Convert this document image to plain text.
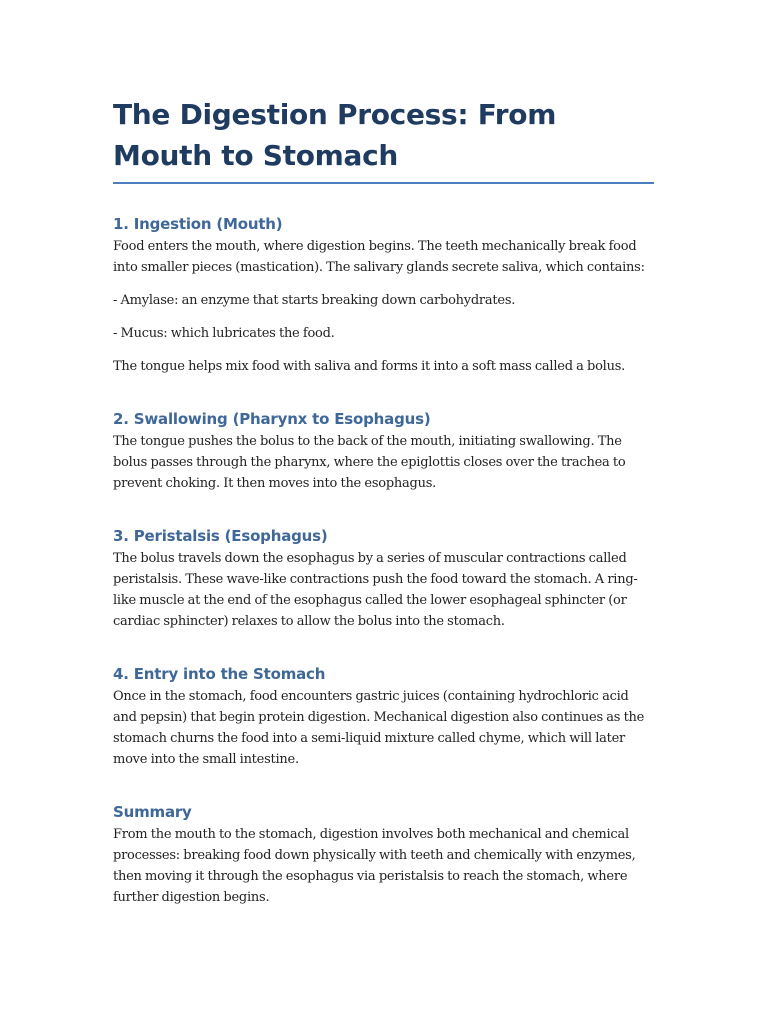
The Digestion Process: From Mouth to Stomach
1. Ingestion (Mouth)

Food enters the mouth, where digestion begins. The teeth mechanically break food into smaller pieces (mastication). The salivary glands secrete saliva, which contains:

- Amylase: an enzyme that starts breaking down carbohydrates.

- Mucus: which lubricates the food.

The tongue helps mix food with saliva and forms it into a soft mass called a bolus.

2. Swallowing (Pharynx to Esophagus)

The tongue pushes the bolus to the back of the mouth, initiating swallowing. The bolus passes through the pharynx, where the epiglottis closes over the trachea to prevent choking. It then moves into the esophagus.

3. Peristalsis (Esophagus)

The bolus travels down the esophagus by a series of muscular contractions called peristalsis. These wave-like contractions push the food toward the stomach. A ring-like muscle at the end of the esophagus called the lower esophageal sphincter (or cardiac sphincter) relaxes to allow the bolus into the stomach.

4. Entry into the Stomach

Once in the stomach, food encounters gastric juices (containing hydrochloric acid and pepsin) that begin protein digestion. Mechanical digestion also continues as the stomach churns the food into a semi-liquid mixture called chyme, which will later move into the small intestine.

Summary

From the mouth to the stomach, digestion involves both mechanical and chemical processes: breaking food down physically with teeth and chemically with enzymes, then moving it through the esophagus via peristalsis to reach the stomach, where further digestion begins.
